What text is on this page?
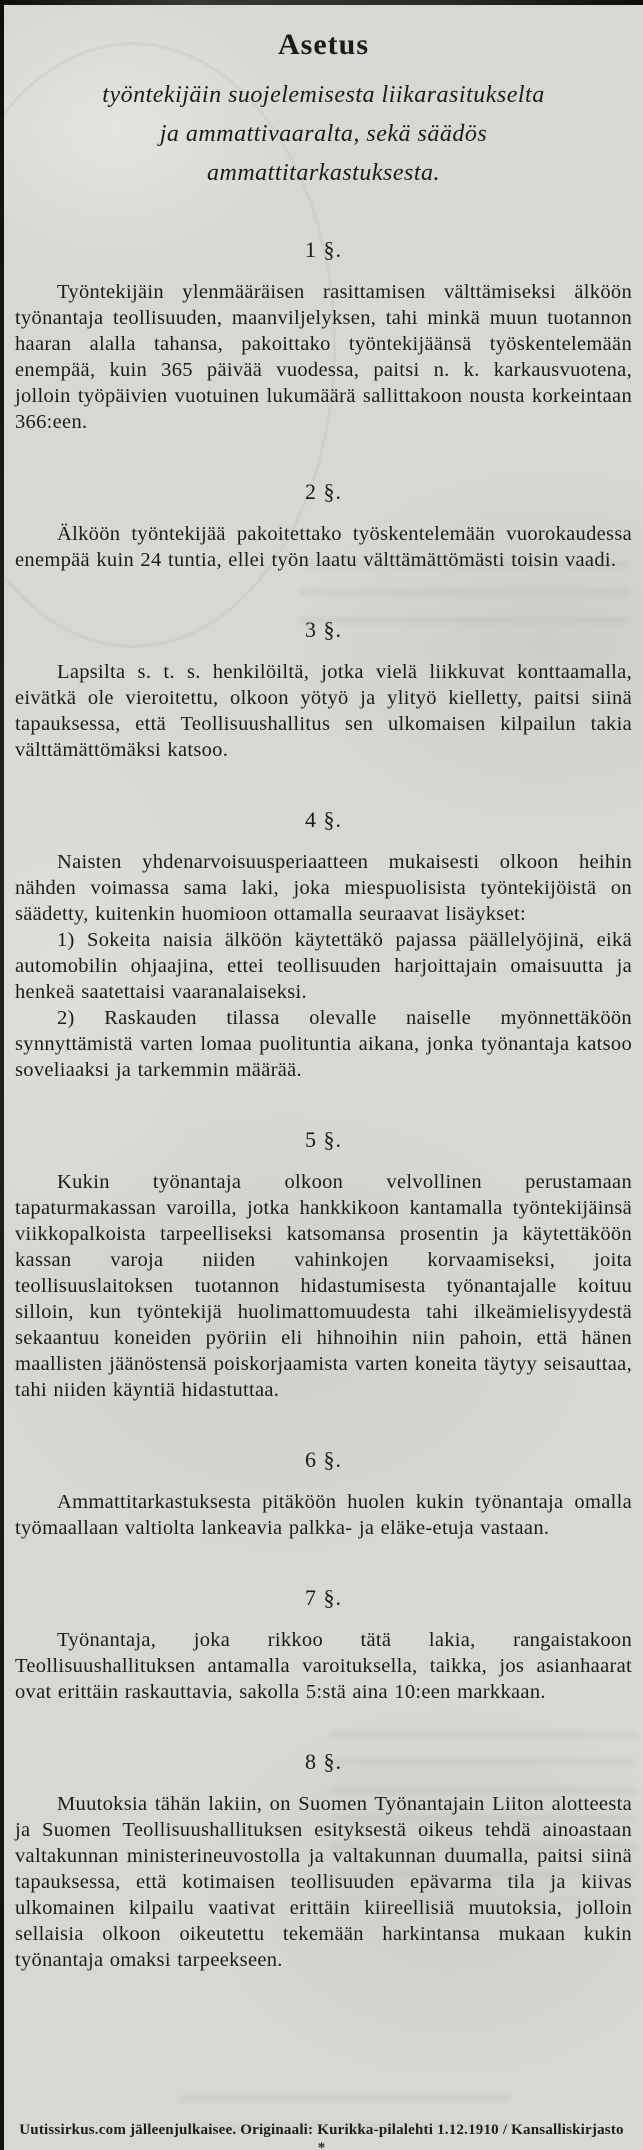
Asetus
työntekijäin suojelemisesta liikarasitukselta
ja ammattivaaralta, sekä säädös
ammattitarkastuksesta.
1 §.

Työntekijäin ylenmääräisen rasittamisen välttämiseksi älköön työnantaja teollisuuden, maanviljelyksen, tahi minkä muun tuotannon haaran alalla tahansa, pakoittako työntekijäänsä työskentelemään enempää, kuin 365 päivää vuodessa, paitsi n. k. karkausvuotena, jolloin työpäivien vuotuinen lukumäärä sallittakoon nousta korkeintaan 366:een.

2 §.

Älköön työntekijää pakoitettako työskentelemään vuorokaudessa enempää kuin 24 tuntia, ellei työn laatu välttämättömästi toisin vaadi.

3 §.

Lapsilta s. t. s. henkilöiltä, jotka vielä liikkuvat konttaamalla, eivätkä ole vieroitettu, olkoon yötyö ja ylityö kielletty, paitsi siinä tapauksessa, että Teollisuushallitus sen ulkomaisen kilpailun takia välttämättömäksi katsoo.

4 §.

Naisten yhdenarvoisuusperiaatteen mukaisesti olkoon heihin nähden voimassa sama laki, joka miespuolisista työntekijöistä on säädetty, kuitenkin huomioon ottamalla seuraavat lisäykset:

1) Sokeita naisia älköön käytettäkö pajassa päällelyöjinä, eikä automobilin ohjaajina, ettei teollisuuden harjoittajain omaisuutta ja henkeä saatettaisi vaaranalaiseksi.

2) Raskauden tilassa olevalle naiselle myönnettäköön synnyttämistä varten lomaa puolituntia aikana, jonka työnantaja katsoo soveliaaksi ja tarkemmin määrää.

5 §.

Kukin työnantaja olkoon velvollinen perustamaan tapaturmakassan varoilla, jotka hankkikoon kantamalla työntekijäinsä viikkopalkoista tarpeelliseksi katsomansa prosentin ja käytettäköön kassan varoja niiden vahinkojen korvaamiseksi, joita teollisuuslaitoksen tuotannon hidastumisesta työnantajalle koituu silloin, kun työntekijä huolimattomuudesta tahi ilkeämielisyydestä sekaantuu koneiden pyöriin eli hihnoihin niin pahoin, että hänen maallisten jäänöstensä poiskorjaamista varten koneita täytyy seisauttaa, tahi niiden käyntiä hidastuttaa.

6 §.

Ammattitarkastuksesta pitäköön huolen kukin työnantaja omalla työmaallaan valtiolta lankeavia palkka- ja eläke-etuja vastaan.

7 §.

Työnantaja, joka rikkoo tätä lakia, rangaistakoon Teollisuushallituksen antamalla varoituksella, taikka, jos asianhaarat ovat erittäin raskauttavia, sakolla 5:stä aina 10:een markkaan.

8 §.

Muutoksia tähän lakiin, on Suomen Työnantajain Liiton alotteesta ja Suomen Teollisuushallituksen esityksestä oikeus tehdä ainoastaan valtakunnan ministerineuvostolla ja valtakunnan duumalla, paitsi siinä tapauksessa, että kotimaisen teollisuuden epävarma tila ja kiivas ulkomainen kilpailu vaativat erittäin kiireellisiä muutoksia, jolloin sellaisia olkoon oikeutettu tekemään harkintansa mukaan kukin työnantaja omaksi tarpeekseen.

Uutissirkus.com jälleenjulkaisee. Originaali: Kurikka-pilalehti 1.12.1910 / Kansalliskirjasto
*
